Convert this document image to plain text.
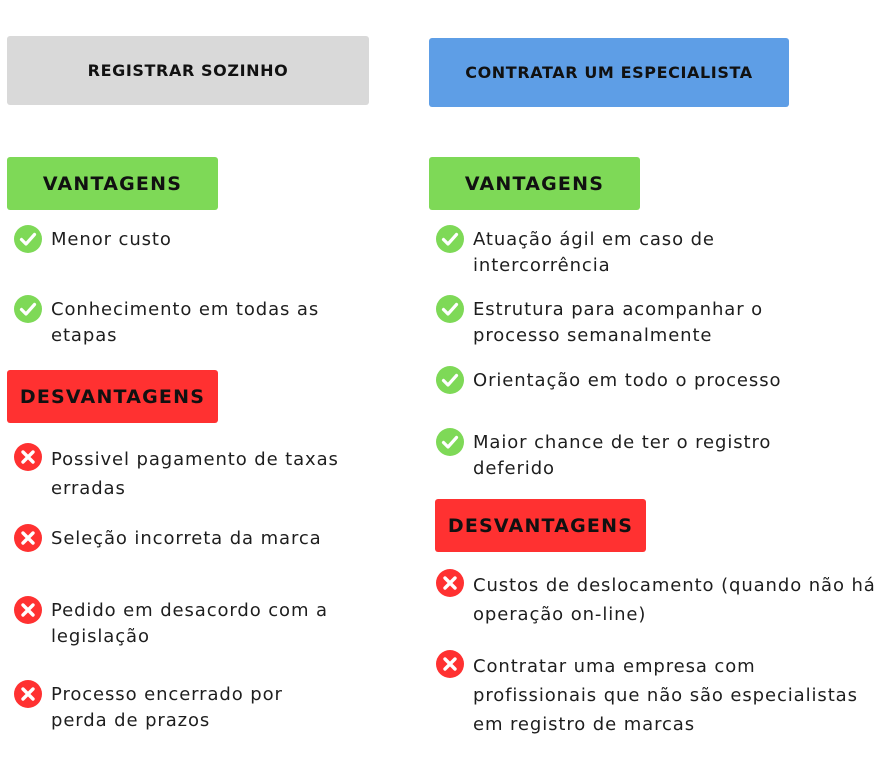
REGISTRAR SOZINHO	CONTRATAR UM ESPECIALISTA
VANTAGENS
Menor custo
Conhecimento em todas as etapas
DESVANTAGENS
Possivel pagamento de taxas erradas
Seleção incorreta da marca
Pedido em desacordo com a legislação
Processo encerrado por perda de prazos
VANTAGENS
Atuação ágil em caso de intercorrência
Estrutura para acompanhar o processo semanalmente
Orientação em todo o processo
Maior chance de ter o registro deferido
DESVANTAGENS
Custos de deslocamento (quando não há operação on-line)
Contratar uma empresa com profissionais que não são especialistas em registro de marcas
